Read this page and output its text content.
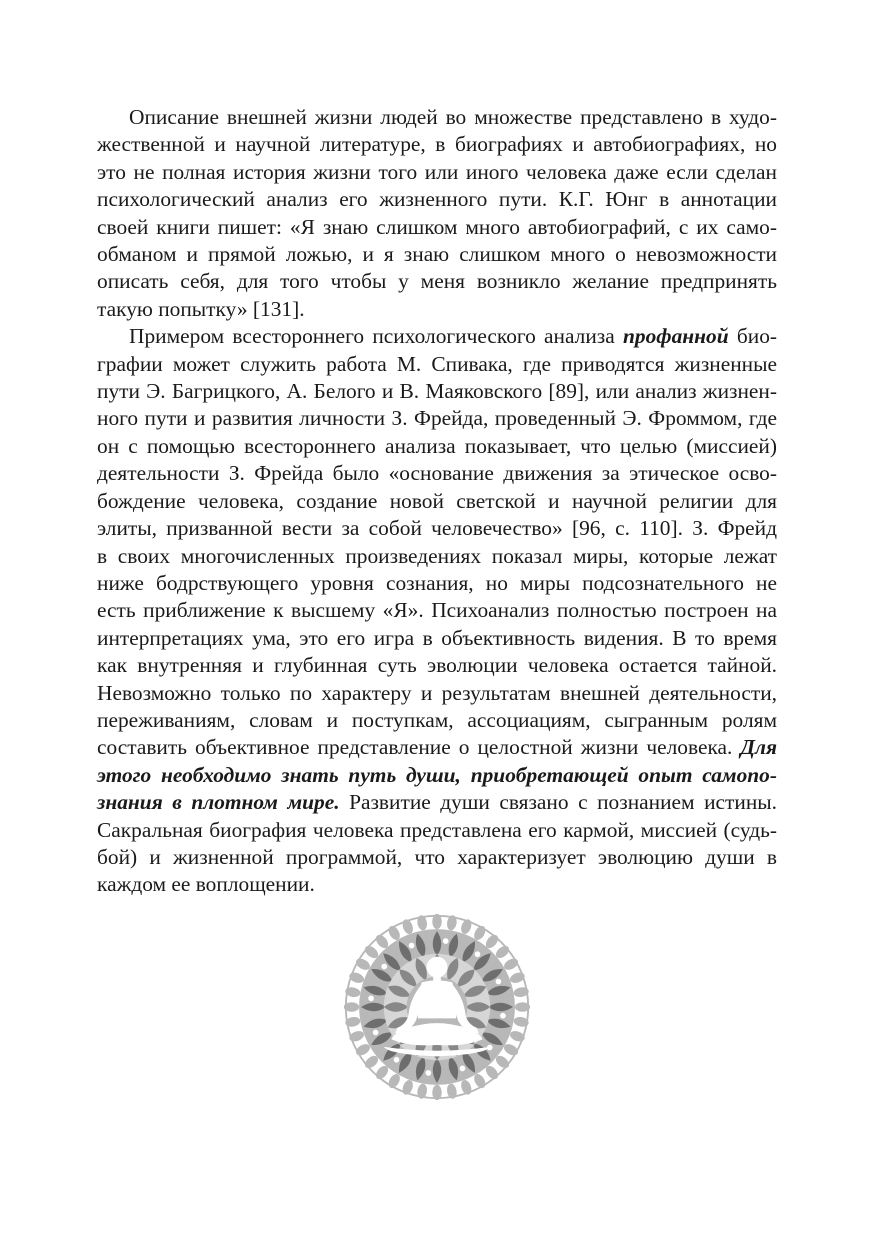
Описание внешней жизни людей во множестве представлено в худо-
жественной и научной литературе, в биографиях и автобиографиях, но
это не полная история жизни того или иного человека даже если сделан
психологический анализ его жизненного пути. К.Г. Юнг в аннотации
своей книги пишет: «Я знаю слишком много автобиографий, с их само-
обманом и прямой ложью, и я знаю слишком много о невозможности
описать себя, для того чтобы у меня возникло желание предпринять
такую попытку» [131].

Примером всестороннего психологического анализа профанной био-
графии может служить работа М. Спивака, где приводятся жизненные
пути Э. Багрицкого, А. Белого и В. Маяковского [89], или анализ жизнен-
ного пути и развития личности З. Фрейда, проведенный Э. Фроммом, где
он с помощью всестороннего анализа показывает, что целью (миссией)
деятельности З. Фрейда было «основание движения за этическое осво-
бождение человека, создание новой светской и научной религии для
элиты, призванной вести за собой человечество» [96, с. 110]. З. Фрейд
в своих многочисленных произведениях показал миры, которые лежат
ниже бодрствующего уровня сознания, но миры подсознательного не
есть приближение к высшему «Я». Психоанализ полностью построен на
интерпретациях ума, это его игра в объективность видения. В то время
как внутренняя и глубинная суть эволюции человека остается тайной.
Невозможно только по характеру и результатам внешней деятельности,
переживаниям, словам и поступкам, ассоциациям, сыгранным ролям
составить объективное представление о целостной жизни человека. Для
этого необходимо знать путь души, приобретающей опыт самопо-
знания в плотном мире. Развитие души связано с познанием истины.
Сакральная биография человека представлена его кармой, миссией (судь-
бой) и жизненной программой, что характеризует эволюцию души в
каждом ее воплощении.
